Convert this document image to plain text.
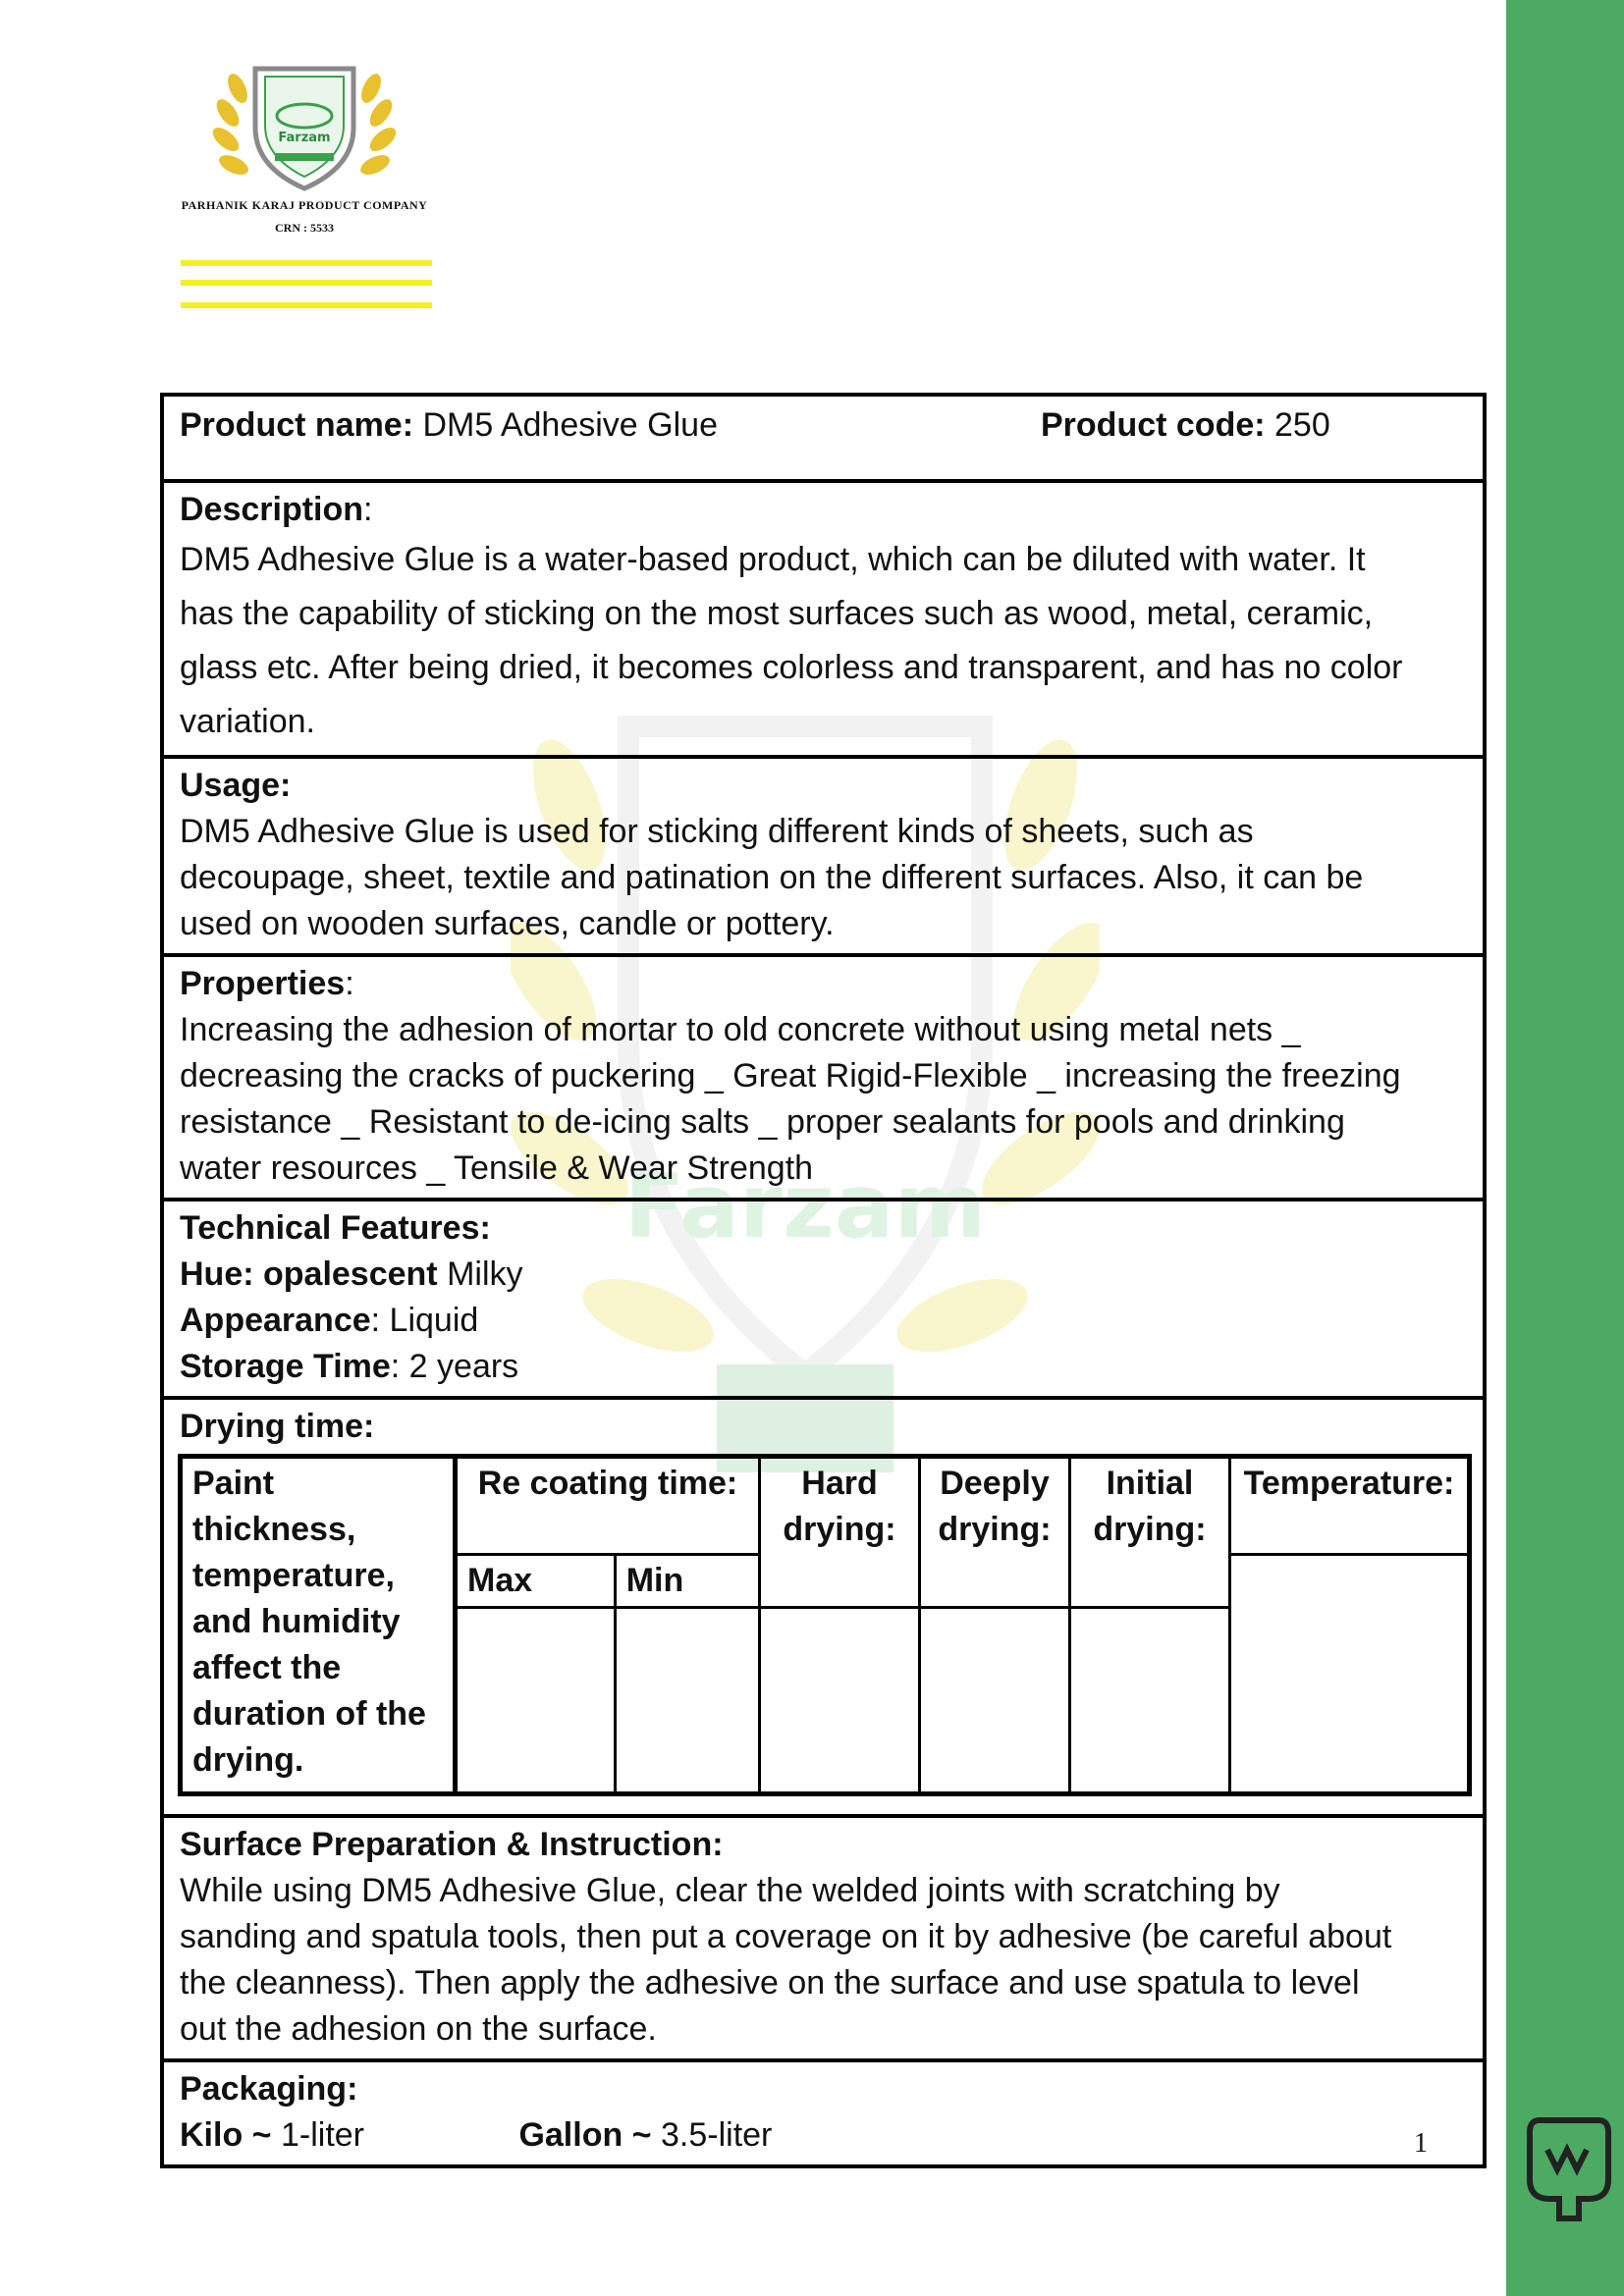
Farzam
PARHANIK KARAJ PRODUCT COMPANY
CRN : 5533
Farzam
Product name: DM5 Adhesive Glue	Product code: 250
Description:

DM5 Adhesive Glue is a water-based product, which can be diluted with water. It

has the capability of sticking on the most surfaces such as wood, metal, ceramic,

glass etc. After being dried, it becomes colorless and transparent, and has no color

variation.

Usage:
DM5 Adhesive Glue is used for sticking different kinds of sheets, such as
decoupage, sheet, textile and patination on the different surfaces. Also, it can be
used on wooden surfaces, candle or pottery.
Properties:
Increasing the adhesion of mortar to old concrete without using metal nets _
decreasing the cracks of puckering _ Great Rigid-Flexible _ increasing the freezing
resistance _ Resistant to de-icing salts _ proper sealants for pools and drinking
water resources _ Tensile & Wear Strength
Technical Features:
Hue: opalescent Milky
Appearance: Liquid
Storage Time: 2 years
Drying time:
Paint thickness, temperature, and humidity affect the duration of the drying.	Re coating time:		Hard drying:	Deeply drying:	Initial drying:	Temperature:
	Max	Min				

Surface Preparation & Instruction:
While using DM5 Adhesive Glue, clear the welded joints with scratching by
sanding and spatula tools, then put a coverage on it by adhesive (be careful about
the cleanness). Then apply the adhesive on the surface and use spatula to level
out the adhesion on the surface.
Packaging:
Kilo ~ 1-liter	Gallon ~ 3.5-liter	1
